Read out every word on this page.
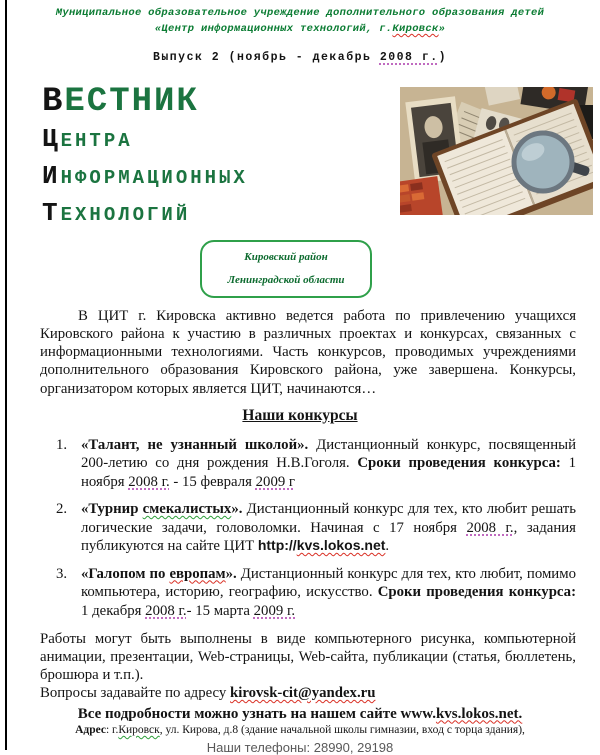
Муниципальное образовательное учреждение дополнительного образования детей
«Центр информационных технологий, г.Кировск»
Выпуск 2 (ноябрь - декабрь 2008 г.)
ВЕСТНИК
ЦЕНТРА
ИНФОРМАЦИОННЫХ
ТЕХНОЛОГИЙ
Кировский район
Ленинградской области
В ЦИТ г. Кировска активно ведется работа по привлечению учащихся Кировского района к участию в различных проектах и конкурсах, связанных с информационными технологиями. Часть конкурсов, проводимых учреждениями дополнительного образования Кировского района, уже завершена. Конкурсы, организатором которых является ЦИТ, начинаются…
Наши конкурсы
1. «Талант, не узнанный школой». Дистанционный конкурс, посвященный 200-летию со дня рождения Н.В.Гоголя. Сроки проведения конкурса: 1 ноября 2008 г. - 15 февраля 2009 г
2. «Турнир смекалистых». Дистанционный конкурс для тех, кто любит решать логические задачи, головоломки. Начиная с 17 ноября 2008 г., задания публикуются на сайте ЦИТ http://kvs.lokos.net.
3. «Галопом по европам». Дистанционный конкурс для тех, кто любит, помимо компьютера, историю, географию, искусство. Сроки проведения конкурса: 1 декабря 2008 г.- 15 марта 2009 г.
Работы могут быть выполнены в виде компьютерного рисунка, компьютерной анимации, презентации, Web-страницы, Web-сайта, публикации (статья, бюллетень, брошюра и т.п.).
Вопросы задавайте по адресу kirovsk-cit@yandex.ru
Все подробности можно узнать на нашем сайте www.kvs.lokos.net.
Адрес: г.Кировск, ул. Кирова, д.8 (здание начальной школы гимназии, вход с торца здания),
Наши телефоны: 28990, 29198
